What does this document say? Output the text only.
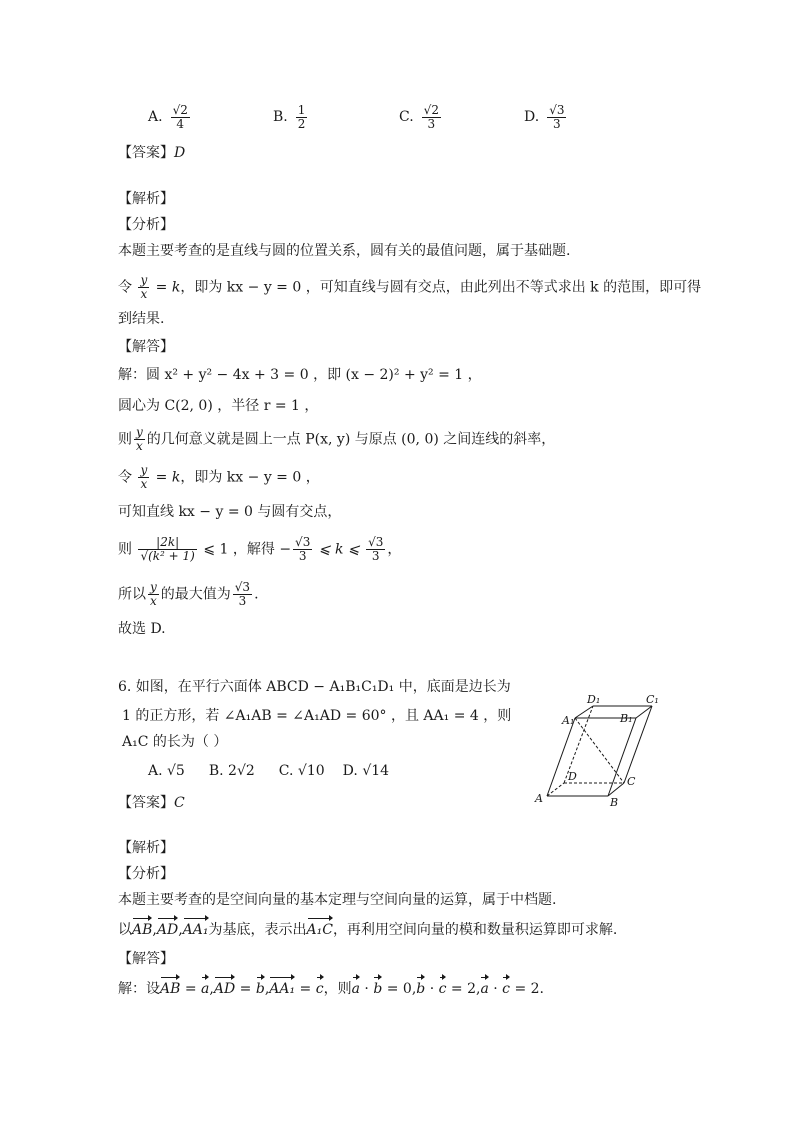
A. $\frac{√2}{4}$	B. $\frac{1}{2}$	C. $\frac{√2}{3}$	D. $\frac{√3}{3}$
【答案】D
【解析】
【分析】
本题主要考查的是直线与圆的位置关系，圆有关的最值问题，属于基础题.
令 $\frac{y}{x} = k$，即为 kx − y = 0 ，可知直线与圆有交点，由此列出不等式求出 k 的范围，即可得
到结果.
【解答】
解：圆 x² + y² − 4x + 3 = 0 ，即 (x − 2)² + y² = 1 ，
圆心为 C(2, 0) ，半径 r = 1 ，
则 $\frac{y}{x}$ 的几何意义就是圆上一点 P(x, y) 与原点 (0, 0) 之间连线的斜率，
令 $\frac{y}{x} = k$，即为 kx − y = 0 ，
可知直线 kx − y = 0 与圆有交点，
则 $\frac{|2k|}{\text{√(k² + 1)}}$ ⩽ 1 ，解得 − $\frac{√3}{3}$ ⩽ k ⩽ $\frac{√3}{3}$ ，
所以 $\frac{y}{x}$ 的最大值为 $\frac{√3}{3}$ .
故选 D.
6. 如图，在平行六面体 ABCD − A₁B₁C₁D₁ 中，底面是边长为
1 的正方形，若 ∠A₁AB = ∠A₁AD = 60° ，且 AA₁ = 4 ，则
A₁C 的长为（ ）
A. √5 B. 2√2 C. √10 D. √14
A	B
C
D
A₁	B₁
C₁
D₁
【答案】C
【解析】
【分析】
本题主要考查的是空间向量的基本定理与空间向量的运算，属于中档题.
以AB,AD,AA₁为基底，表示出A₁C，再利用空间向量的模和数量积运算即可求解.
【解答】
解：设AB = a,AD = b,AA₁ = c，则a · b = 0,b · c = 2,a · c = 2.
